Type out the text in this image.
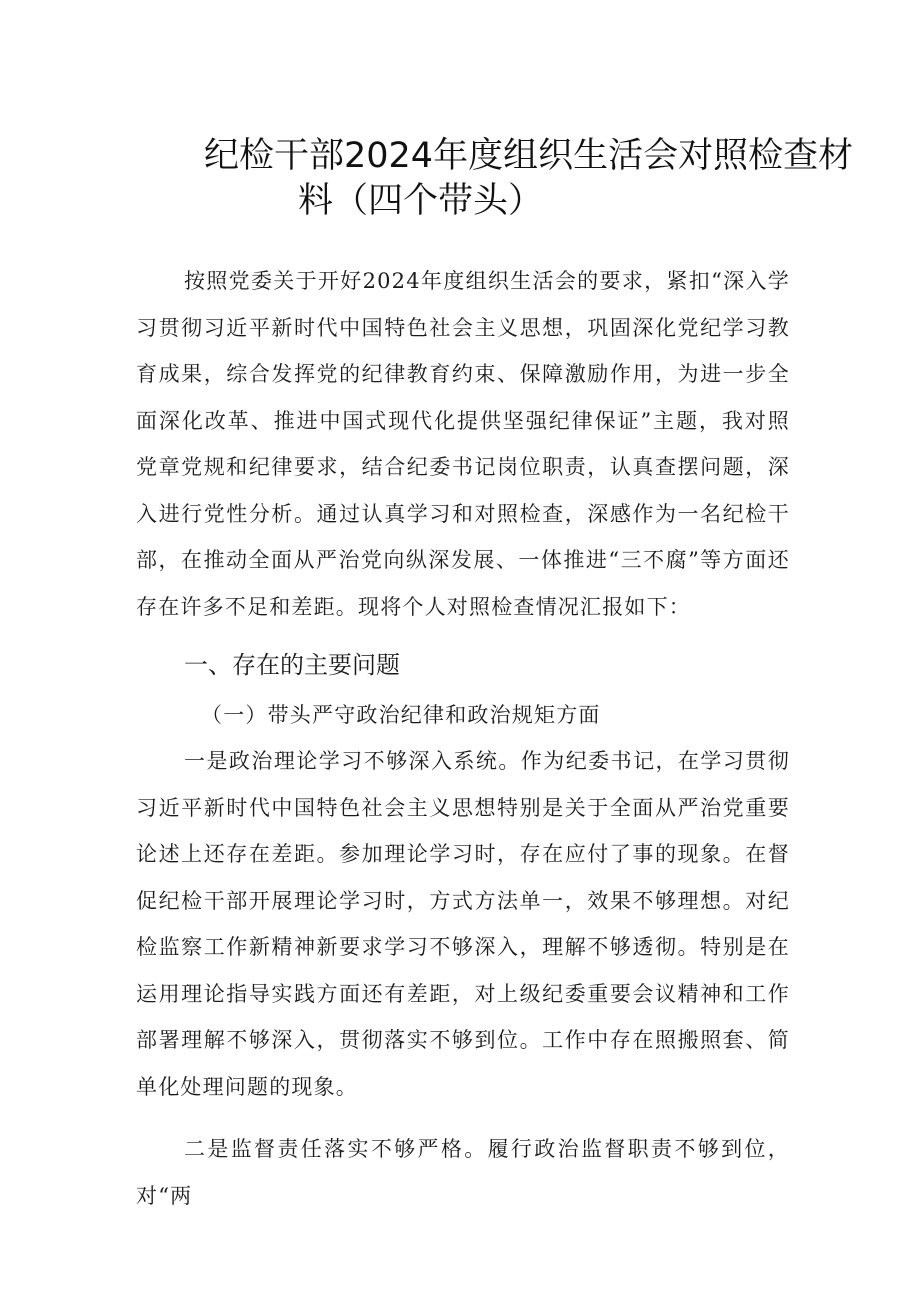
纪检干部2024年度组织生活会对照检查材
料（四个带头）

按照党委关于开好2024年度组织生活会的要求，紧扣“深入学习贯彻习近平新时代中国特色社会主义思想，巩固深化党纪学习教育成果，综合发挥党的纪律教育约束、保障激励作用，为进一步全面深化改革、推进中国式现代化提供坚强纪律保证”主题，我对照党章党规和纪律要求，结合纪委书记岗位职责，认真查摆问题，深入进行党性分析。通过认真学习和对照检查，深感作为一名纪检干部，在推动全面从严治党向纵深发展、一体推进“三不腐”等方面还存在许多不足和差距。现将个人对照检查情况汇报如下：

一、存在的主要问题
（一）带头严守政治纪律和政治规矩方面

一是政治理论学习不够深入系统。作为纪委书记，在学习贯彻习近平新时代中国特色社会主义思想特别是关于全面从严治党重要论述上还存在差距。参加理论学习时，存在应付了事的现象。在督促纪检干部开展理论学习时，方式方法单一，效果不够理想。对纪检监察工作新精神新要求学习不够深入，理解不够透彻。特别是在运用理论指导实践方面还有差距，对上级纪委重要会议精神和工作部署理解不够深入，贯彻落实不够到位。工作中存在照搬照套、简单化处理问题的现象。

二是监督责任落实不够严格。履行政治监督职责不够到位，对“两
